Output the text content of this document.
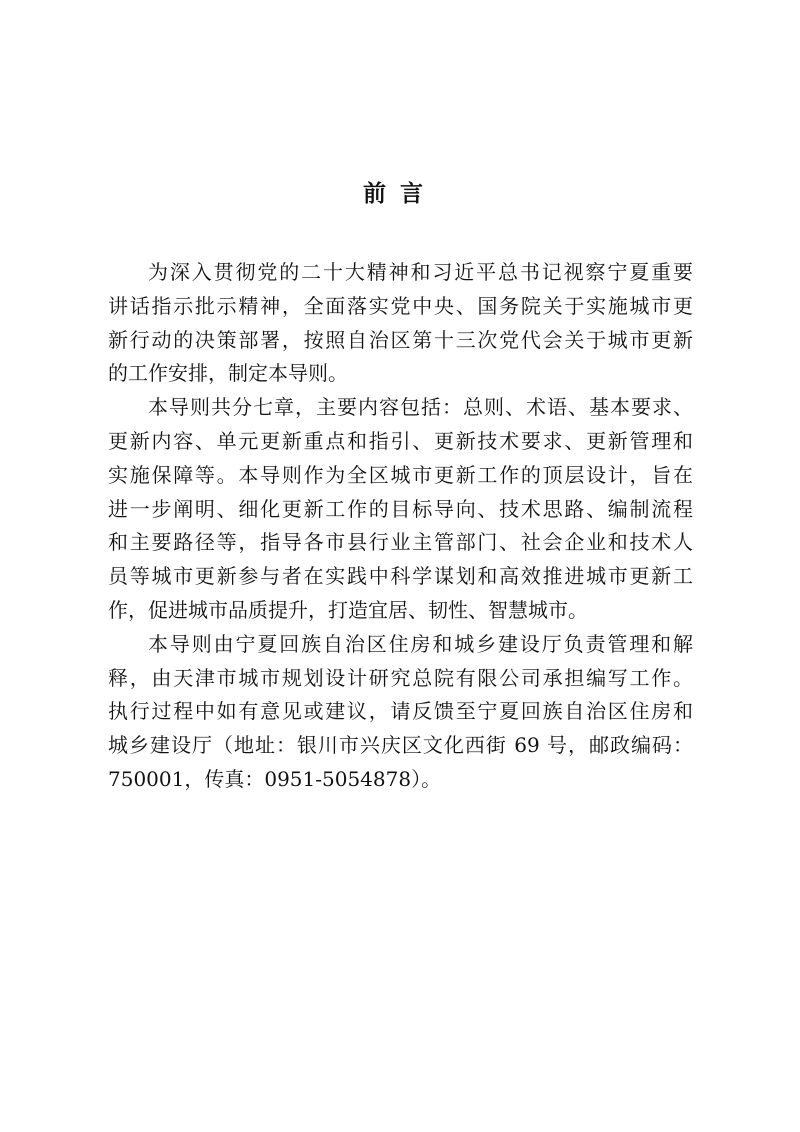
前言
为深入贯彻党的二十大精神和习近平总书记视察宁夏重要
讲话指示批示精神，全面落实党中央、国务院关于实施城市更
新行动的决策部署，按照自治区第十三次党代会关于城市更新
的工作安排，制定本导则。
本导则共分七章，主要内容包括：总则、术语、基本要求、
更新内容、单元更新重点和指引、更新技术要求、更新管理和
实施保障等。本导则作为全区城市更新工作的顶层设计，旨在
进一步阐明、细化更新工作的目标导向、技术思路、编制流程
和主要路径等，指导各市县行业主管部门、社会企业和技术人
员等城市更新参与者在实践中科学谋划和高效推进城市更新工
作，促进城市品质提升，打造宜居、韧性、智慧城市。
本导则由宁夏回族自治区住房和城乡建设厅负责管理和解
释，由天津市城市规划设计研究总院有限公司承担编写工作。
执行过程中如有意见或建议，请反馈至宁夏回族自治区住房和
城乡建设厅（地址：银川市兴庆区文化西街 69 号，邮政编码：
750001，传真：0951-5054878）。
